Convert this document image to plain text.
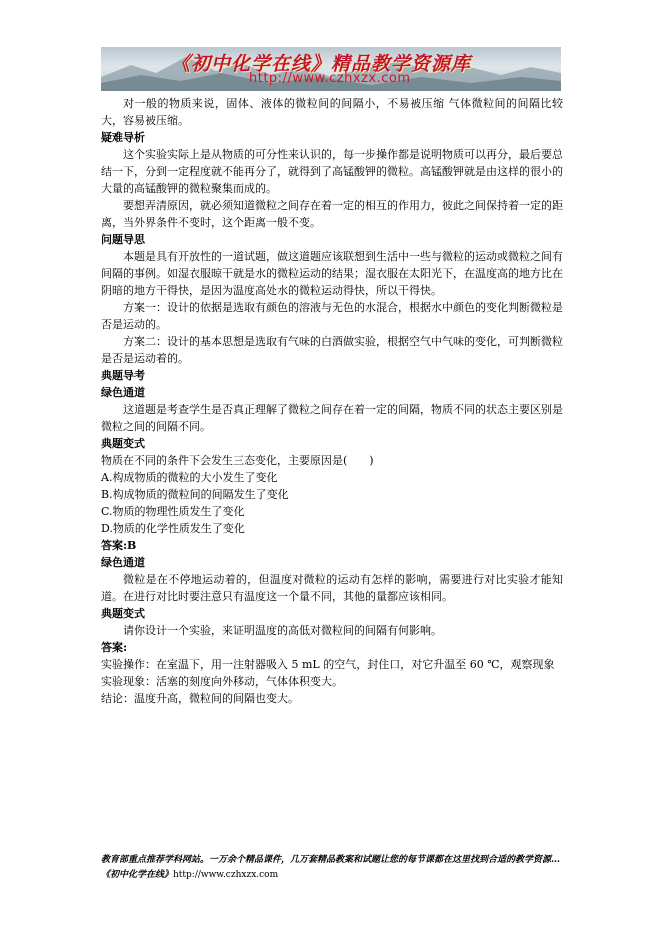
《初中化学在线》精品教学资源库
http://www.czhxzx.com

对一般的物质来说，固体、液体的微粒间的间隔小，不易被压缩 气体微粒间的间隔比较大，容易被压缩。

疑难导析

这个实验实际上是从物质的可分性来认识的，每一步操作都是说明物质可以再分，最后要总结一下，分到一定程度就不能再分了，就得到了高锰酸钾的微粒。高锰酸钾就是由这样的很小的大量的高锰酸钾的微粒聚集而成的。

要想弄清原因，就必须知道微粒之间存在着一定的相互的作用力，彼此之间保持着一定的距离，当外界条件不变时，这个距离一般不变。

问题导思

本题是具有开放性的一道试题，做这道题应该联想到生活中一些与微粒的运动或微粒之间有间隔的事例。如湿衣服晾干就是水的微粒运动的结果；湿衣服在太阳光下，在温度高的地方比在阴暗的地方干得快，是因为温度高处水的微粒运动得快，所以干得快。

方案一：设计的依据是选取有颜色的溶液与无色的水混合，根据水中颜色的变化判断微粒是否是运动的。

方案二：设计的基本思想是选取有气味的白酒做实验，根据空气中气味的变化，可判断微粒是否是运动着的。

典题导考

绿色通道

这道题是考查学生是否真正理解了微粒之间存在着一定的间隔，物质不同的状态主要区别是微粒之间的间隔不同。

典题变式

物质在不同的条件下会发生三态变化，主要原因是(　　)

A.构成物质的微粒的大小发生了变化

B.构成物质的微粒间的间隔发生了变化

C.物质的物理性质发生了变化

D.物质的化学性质发生了变化

答案:B

绿色通道

微粒是在不停地运动着的，但温度对微粒的运动有怎样的影响，需要进行对比实验才能知道。在进行对比时要注意只有温度这一个量不同，其他的量都应该相同。

典题变式

请你设计一个实验，来证明温度的高低对微粒间的间隔有何影响。

答案:

实验操作：在室温下，用一注射器吸入 5 mL 的空气，封住口，对它升温至 60 ℃，观察现象

实验现象：活塞的刻度向外移动，气体体积变大。

结论：温度升高，微粒间的间隔也变大。

教育部重点推荐学科网站。一万余个精品课件，几万套精品教案和试题让您的每节课都在这里找到合适的教学资源…《初中化学在线》http://www.czhxzx.com
